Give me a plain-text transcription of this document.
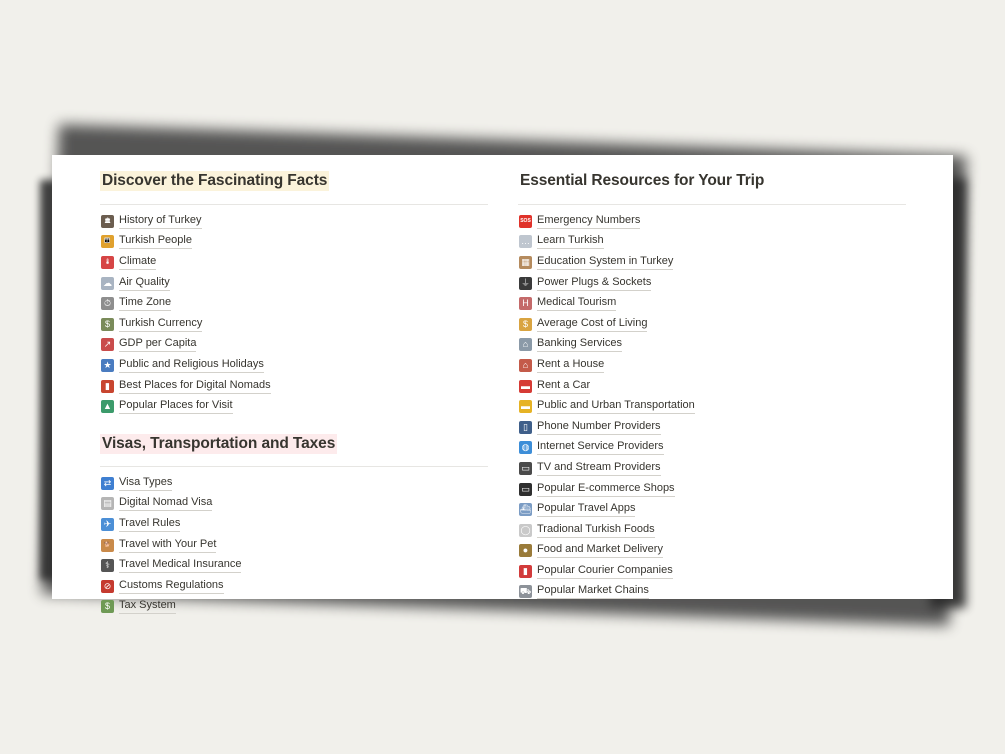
Discover the Fascinating Facts
🏛 History of Turkey
👪 Turkish People
🌡 Climate
☁ Air Quality
⏱ Time Zone
$ Turkish Currency
↗ GDP per Capita
★ Public and Religious Holidays
▮ Best Places for Digital Nomads
▲ Popular Places for Visit
Visas, Transportation and Taxes
⇄ Visa Types
▤ Digital Nomad Visa
✈ Travel Rules
🐕 Travel with Your Pet
⚕ Travel Medical Insurance
⊘ Customs Regulations
$ Tax System
Essential Resources for Your Trip
SOS Emergency Numbers
… Learn Turkish
▦ Education System in Turkey
⏚ Power Plugs & Sockets
H Medical Tourism
$ Average Cost of Living
⌂ Banking Services
⌂ Rent a House
▬ Rent a Car
▬ Public and Urban Transportation
▯ Phone Number Providers
◍ Internet Service Providers
▭ TV and Stream Providers
▭ Popular E-commerce Shops
⛴ Popular Travel Apps
◯ Tradional Turkish Foods
● Food and Market Delivery
▮ Popular Courier Companies
⛟ Popular Market Chains
